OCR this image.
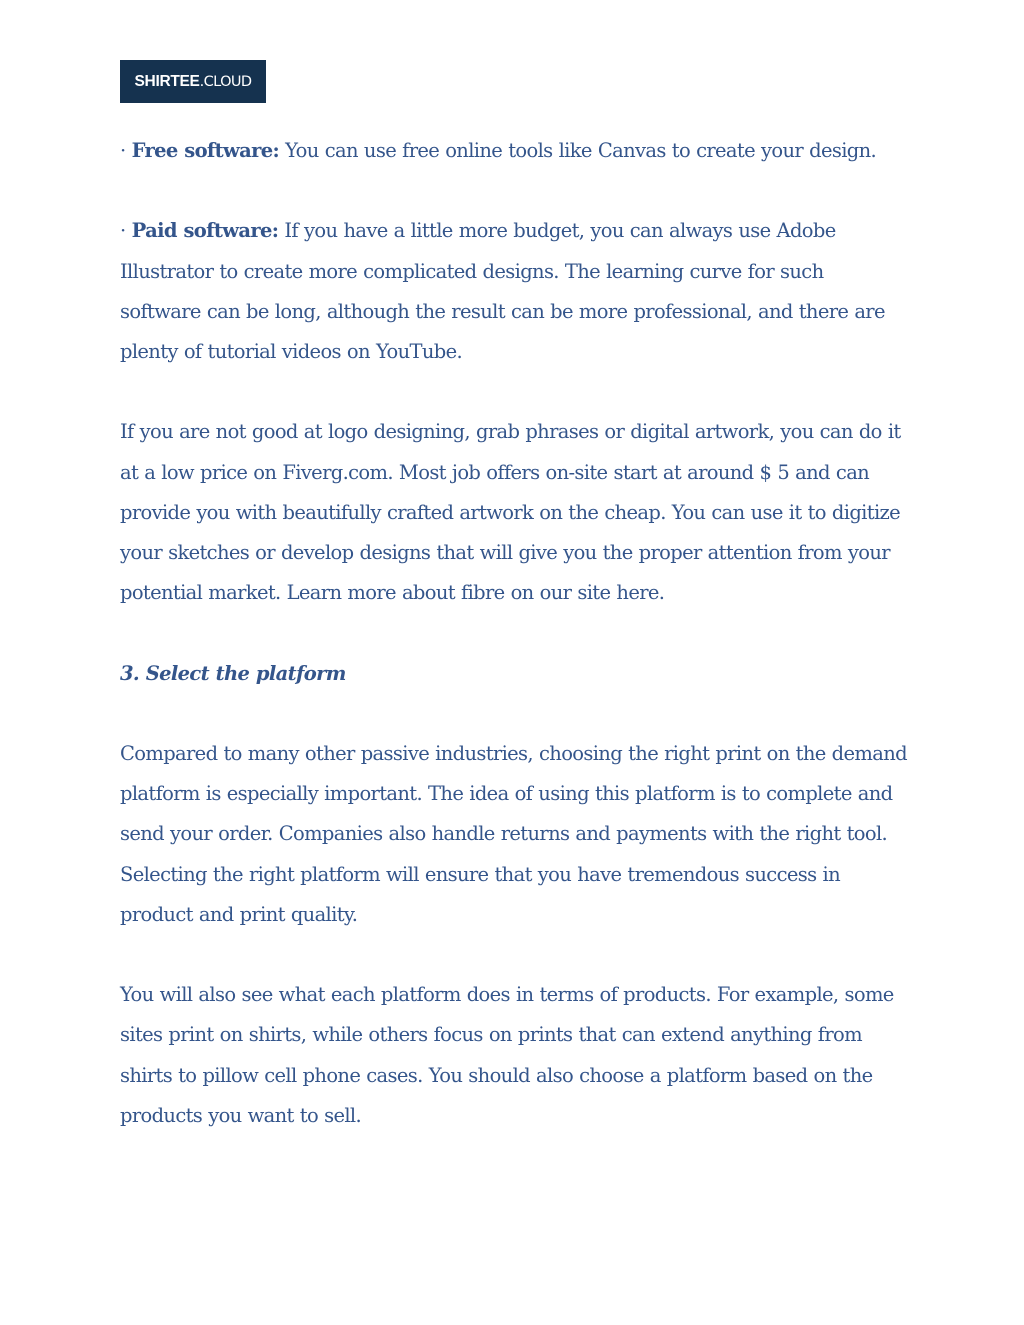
SHIRTEE .CLOUD

· Free software: You can use free online tools like Canvas to create your design.

· Paid software: If you have a little more budget, you can always use Adobe Illustrator to create more complicated designs. The learning curve for such software can be long, although the result can be more professional, and there are plenty of tutorial videos on YouTube.

If you are not good at logo designing, grab phrases or digital artwork, you can do it at a low price on Fiverg.com. Most job offers on-site start at around $ 5 and can provide you with beautifully crafted artwork on the cheap. You can use it to digitize your sketches or develop designs that will give you the proper attention from your potential market. Learn more about fibre on our site here.

3. Select the platform

Compared to many other passive industries, choosing the right print on the demand platform is especially important. The idea of using this platform is to complete and send your order. Companies also handle returns and payments with the right tool. Selecting the right platform will ensure that you have tremendous success in product and print quality.

You will also see what each platform does in terms of products. For example, some sites print on shirts, while others focus on prints that can extend anything from shirts to pillow cell phone cases. You should also choose a platform based on the products you want to sell.
